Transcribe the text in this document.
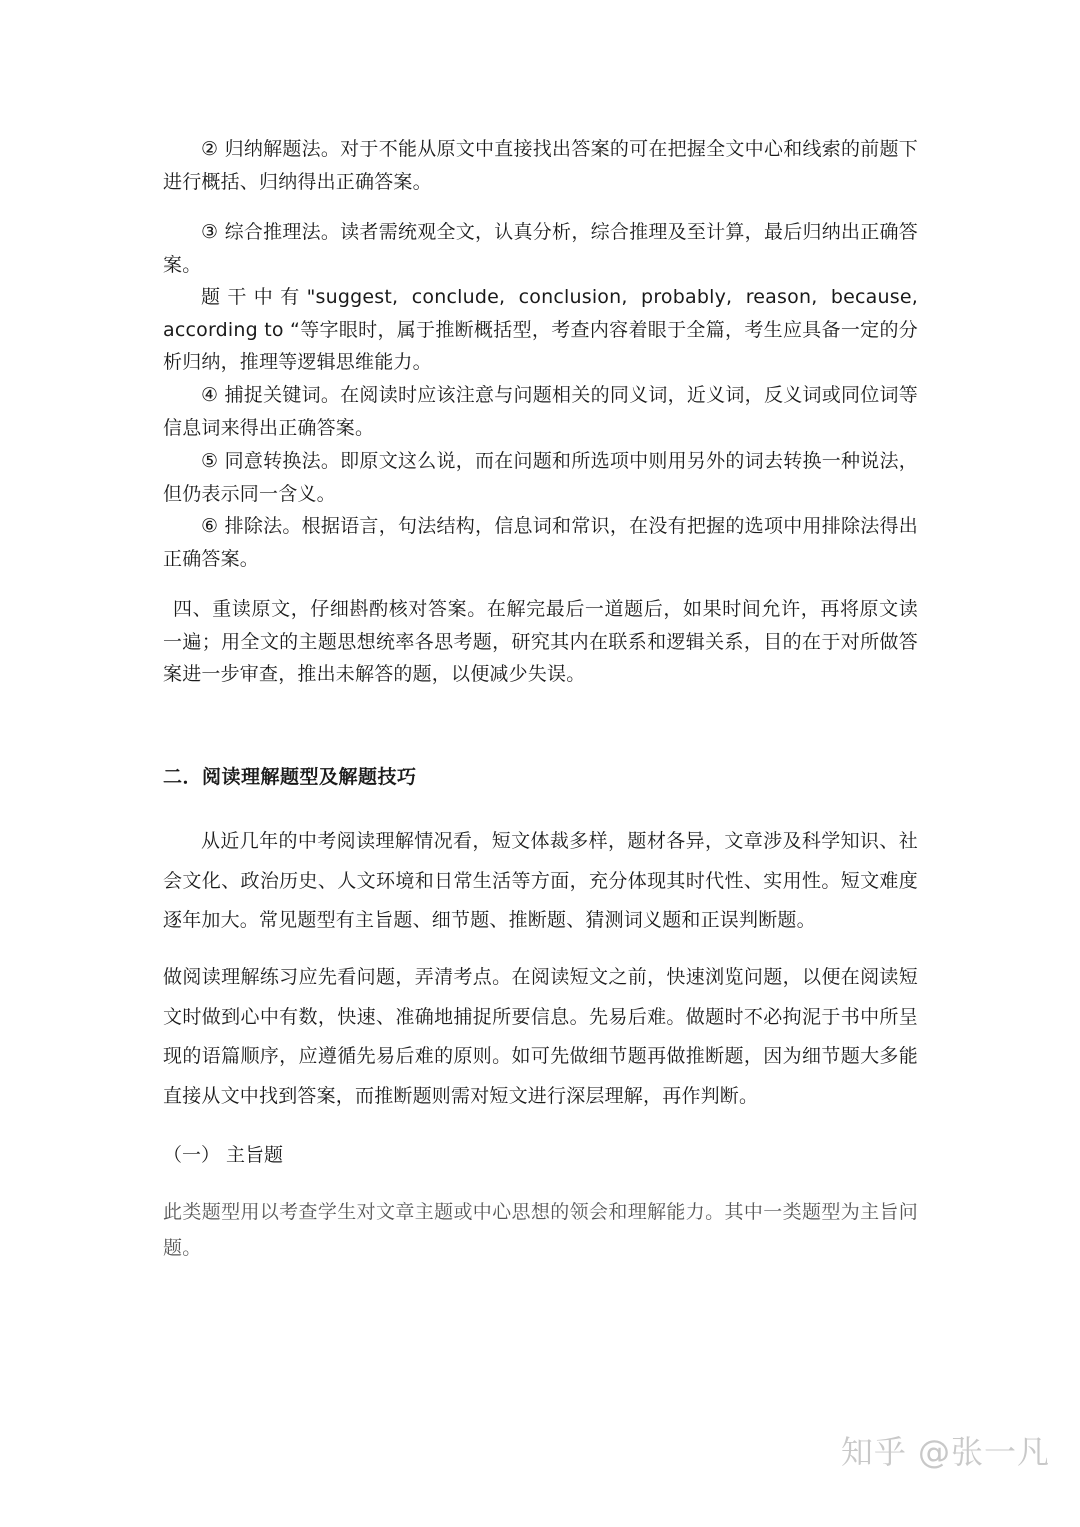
② 归纳解题法。对于不能从原文中直接找出答案的可在把握全文中心和线索的前题下进行概括、归纳得出正确答案。

③ 综合推理法。读者需统观全文，认真分析，综合推理及至计算，最后归纳出正确答案。

题干中有"suggest, conclude, conclusion, probably, reason, because, according to “等字眼时，属于推断概括型，考查内容着眼于全篇，考生应具备一定的分析归纳，推理等逻辑思维能力。

④ 捕捉关键词。在阅读时应该注意与问题相关的同义词，近义词，反义词或同位词等信息词来得出正确答案。

⑤ 同意转换法。即原文这么说，而在问题和所选项中则用另外的词去转换一种说法，但仍表示同一含义。

⑥ 排除法。根据语言，句法结构，信息词和常识，在没有把握的选项中用排除法得出正确答案。

四、重读原文，仔细斟酌核对答案。在解完最后一道题后，如果时间允许，再将原文读一遍；用全文的主题思想统率各思考题，研究其内在联系和逻辑关系，目的在于对所做答案进一步审查，推出未解答的题，以便减少失误。

二．阅读理解题型及解题技巧

从近几年的中考阅读理解情况看，短文体裁多样，题材各异，文章涉及科学知识、社会文化、政治历史、人文环境和日常生活等方面，充分体现其时代性、实用性。短文难度逐年加大。常见题型有主旨题、细节题、推断题、猜测词义题和正误判断题。

做阅读理解练习应先看问题，弄清考点。在阅读短文之前，快速浏览问题，以便在阅读短文时做到心中有数，快速、准确地捕捉所要信息。先易后难。做题时不必拘泥于书中所呈现的语篇顺序，应遵循先易后难的原则。如可先做细节题再做推断题，因为细节题大多能直接从文中找到答案，而推断题则需对短文进行深层理解，再作判断。

（一） 主旨题

此类题型用以考查学生对文章主题或中心思想的领会和理解能力。其中一类题型为主旨问题。

知乎 @张一凡
